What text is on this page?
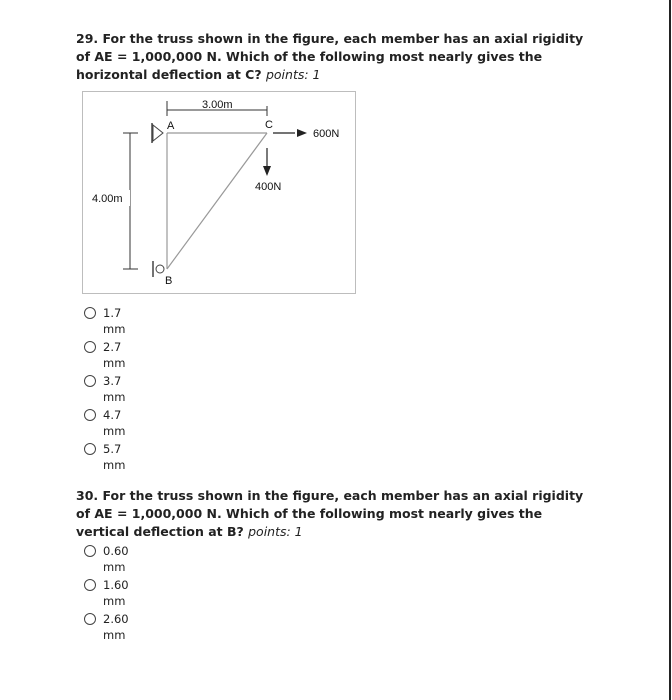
29. For the truss shown in the figure, each member has an axial rigidity of AE = 1,000,000 N. Which of the following most nearly gives the horizontal deflection at C? points: 1

3.00m
4.00m
A
B
C
600N
400N
1.7
mm
2.7
mm
3.7
mm
4.7
mm
5.7
mm

30. For the truss shown in the figure, each member has an axial rigidity of AE = 1,000,000 N. Which of the following most nearly gives the vertical deflection at B? points: 1

0.60
mm
1.60
mm
2.60
mm
